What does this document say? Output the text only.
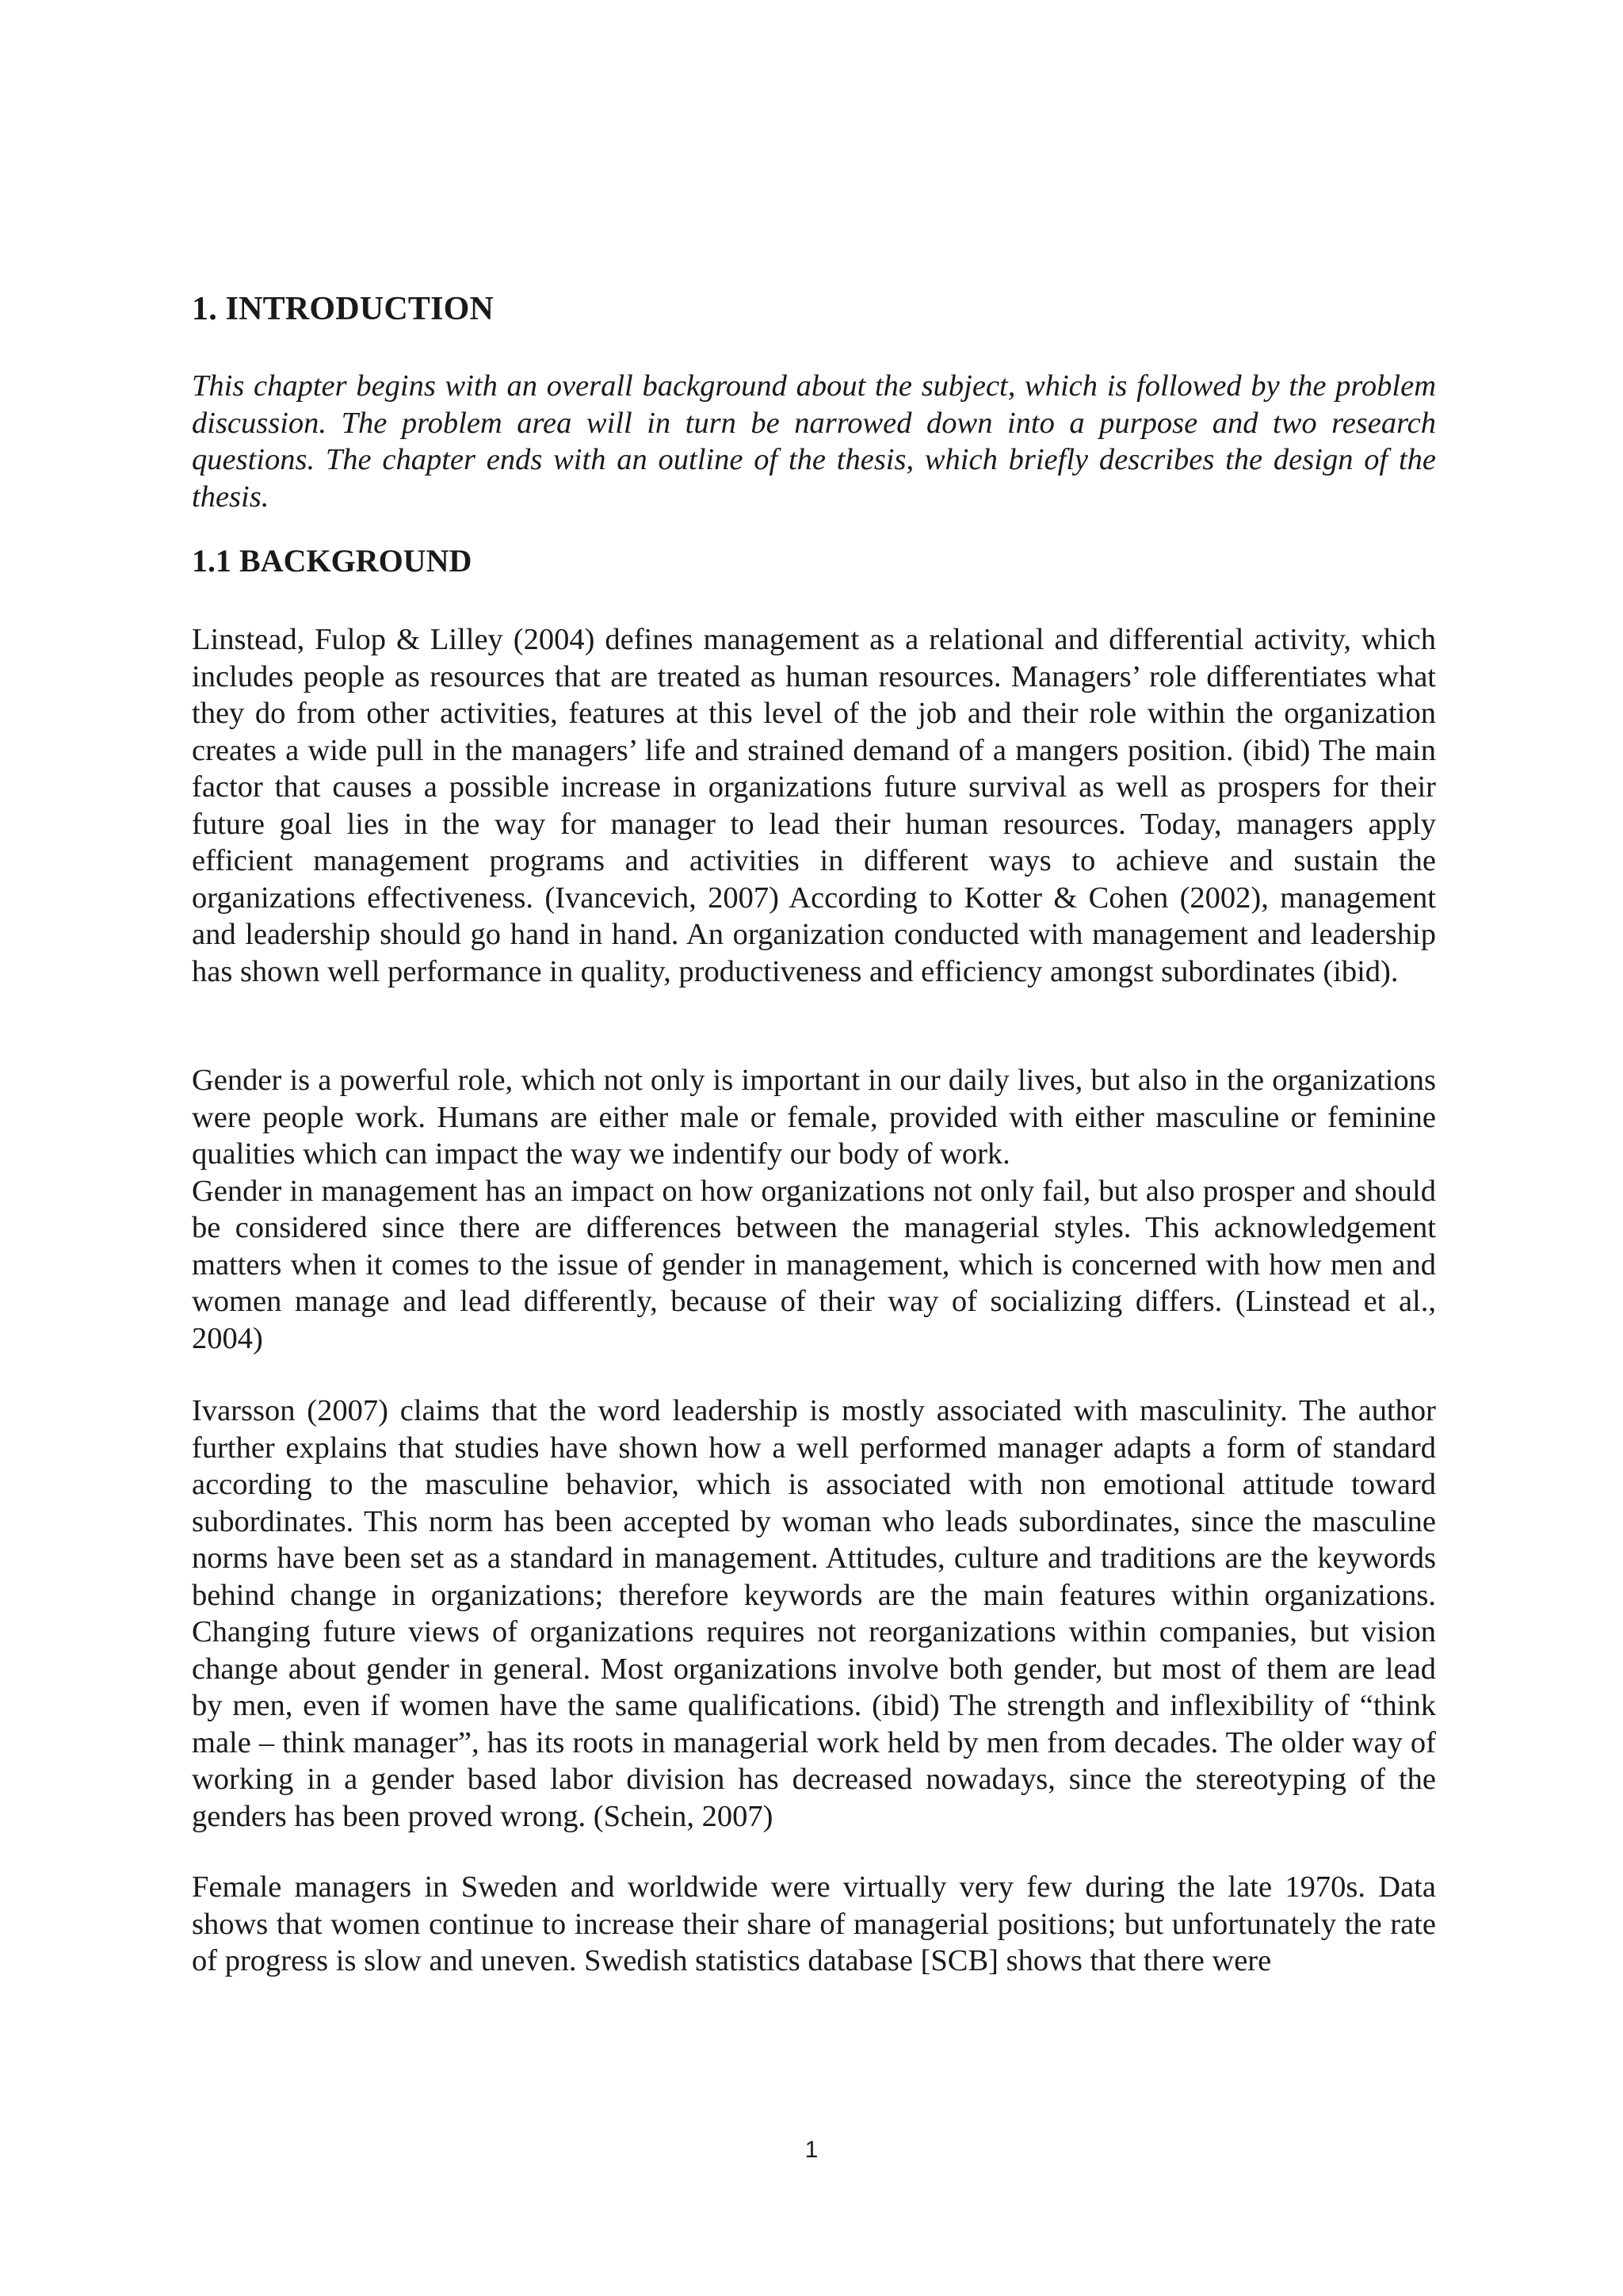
1. INTRODUCTION

This chapter begins with an overall background about the subject, which is followed by the problem discussion. The problem area will in turn be narrowed down into a purpose and two research questions. The chapter ends with an outline of the thesis, which briefly describes the design of the thesis.

1.1 BACKGROUND

Linstead, Fulop & Lilley (2004) defines management as a relational and differential activity, which includes people as resources that are treated as human resources. Managers’ role differentiates what they do from other activities, features at this level of the job and their role within the organization creates a wide pull in the managers’ life and strained demand of a mangers position. (ibid) The main factor that causes a possible increase in organizations future survival as well as prospers for their future goal lies in the way for manager to lead their human resources. Today, managers apply efficient management programs and activities in different ways to achieve and sustain the organizations effectiveness. (Ivancevich, 2007) According to Kotter & Cohen (2002), management and leadership should go hand in hand. An organization conducted with management and leadership has shown well performance in quality, productiveness and efficiency amongst subordinates (ibid).

Gender is a powerful role, which not only is important in our daily lives, but also in the organizations were people work. Humans are either male or female, provided with either masculine or feminine qualities which can impact the way we indentify our body of work.

Gender in management has an impact on how organizations not only fail, but also prosper and should be considered since there are differences between the managerial styles. This acknowledgement matters when it comes to the issue of gender in management, which is concerned with how men and women manage and lead differently, because of their way of socializing differs. (Linstead et al., 2004)

Ivarsson (2007) claims that the word leadership is mostly associated with masculinity. The author further explains that studies have shown how a well performed manager adapts a form of standard according to the masculine behavior, which is associated with non emotional attitude toward subordinates. This norm has been accepted by woman who leads subordinates, since the masculine norms have been set as a standard in management. Attitudes, culture and traditions are the keywords behind change in organizations; therefore keywords are the main features within organizations. Changing future views of organizations requires not reorganizations within companies, but vision change about gender in general. Most organizations involve both gender, but most of them are lead by men, even if women have the same qualifications. (ibid) The strength and inflexibility of “think male – think manager”, has its roots in managerial work held by men from decades. The older way of working in a gender based labor division has decreased nowadays, since the stereotyping of the genders has been proved wrong. (Schein, 2007)

Female managers in Sweden and worldwide were virtually very few during the late 1970s. Data shows that women continue to increase their share of managerial positions; but unfortunately the rate of progress is slow and uneven. Swedish statistics database [SCB] shows that there were

1
